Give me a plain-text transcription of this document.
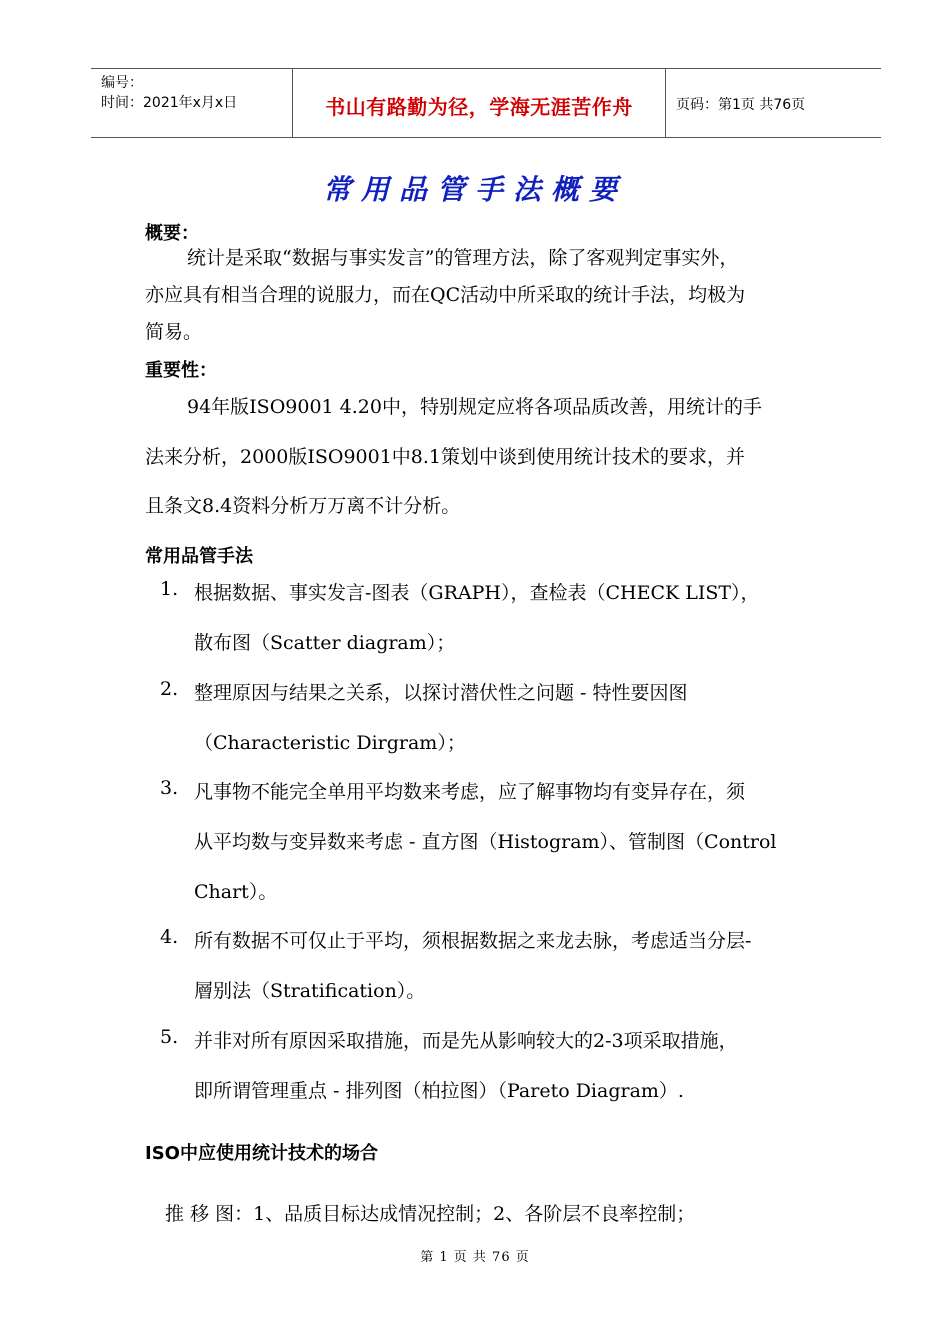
编号：
时间：2021年x月x日	书山有路勤为径，学海无涯苦作舟	页码：第1页 共76页
常用品管手法概要
概要：
统计是采取“数据与事实发言”的管理方法，除了客观判定事实外，
亦应具有相当合理的说服力，而在QC活动中所采取的统计手法，均极为
简易。
重要性：
94年版ISO9001 4.20中，特别规定应将各项品质改善，用统计的手
法来分析，2000版ISO9001中8.1策划中谈到使用统计技术的要求，并
且条文8.4资料分析万万离不计分析。
常用品管手法
1. 根据数据、事实发言-图表（GRAPH），查检表（CHECK LIST），
散布图（Scatter diagram）；
2. 整理原因与结果之关系，以探讨潜伏性之问题 - 特性要因图
（Characteristic Dirgram）；
3. 凡事物不能完全单用平均数来考虑，应了解事物均有变异存在，须
从平均数与变异数来考虑 - 直方图（Histogram）、管制图（Control
Chart）。
4. 所有数据不可仅止于平均，须根据数据之来龙去脉，考虑适当分层-
層别法（Stratification）。
5. 并非对所有原因采取措施，而是先从影响较大的2-3项采取措施，
即所谓管理重点 - 排列图（柏拉图）（Pareto Diagram）.
ISO中应使用统计技术的场合
推 移 图：1、品质目标达成情况控制；2、各阶层不良率控制；
第 1 页 共 76 页
